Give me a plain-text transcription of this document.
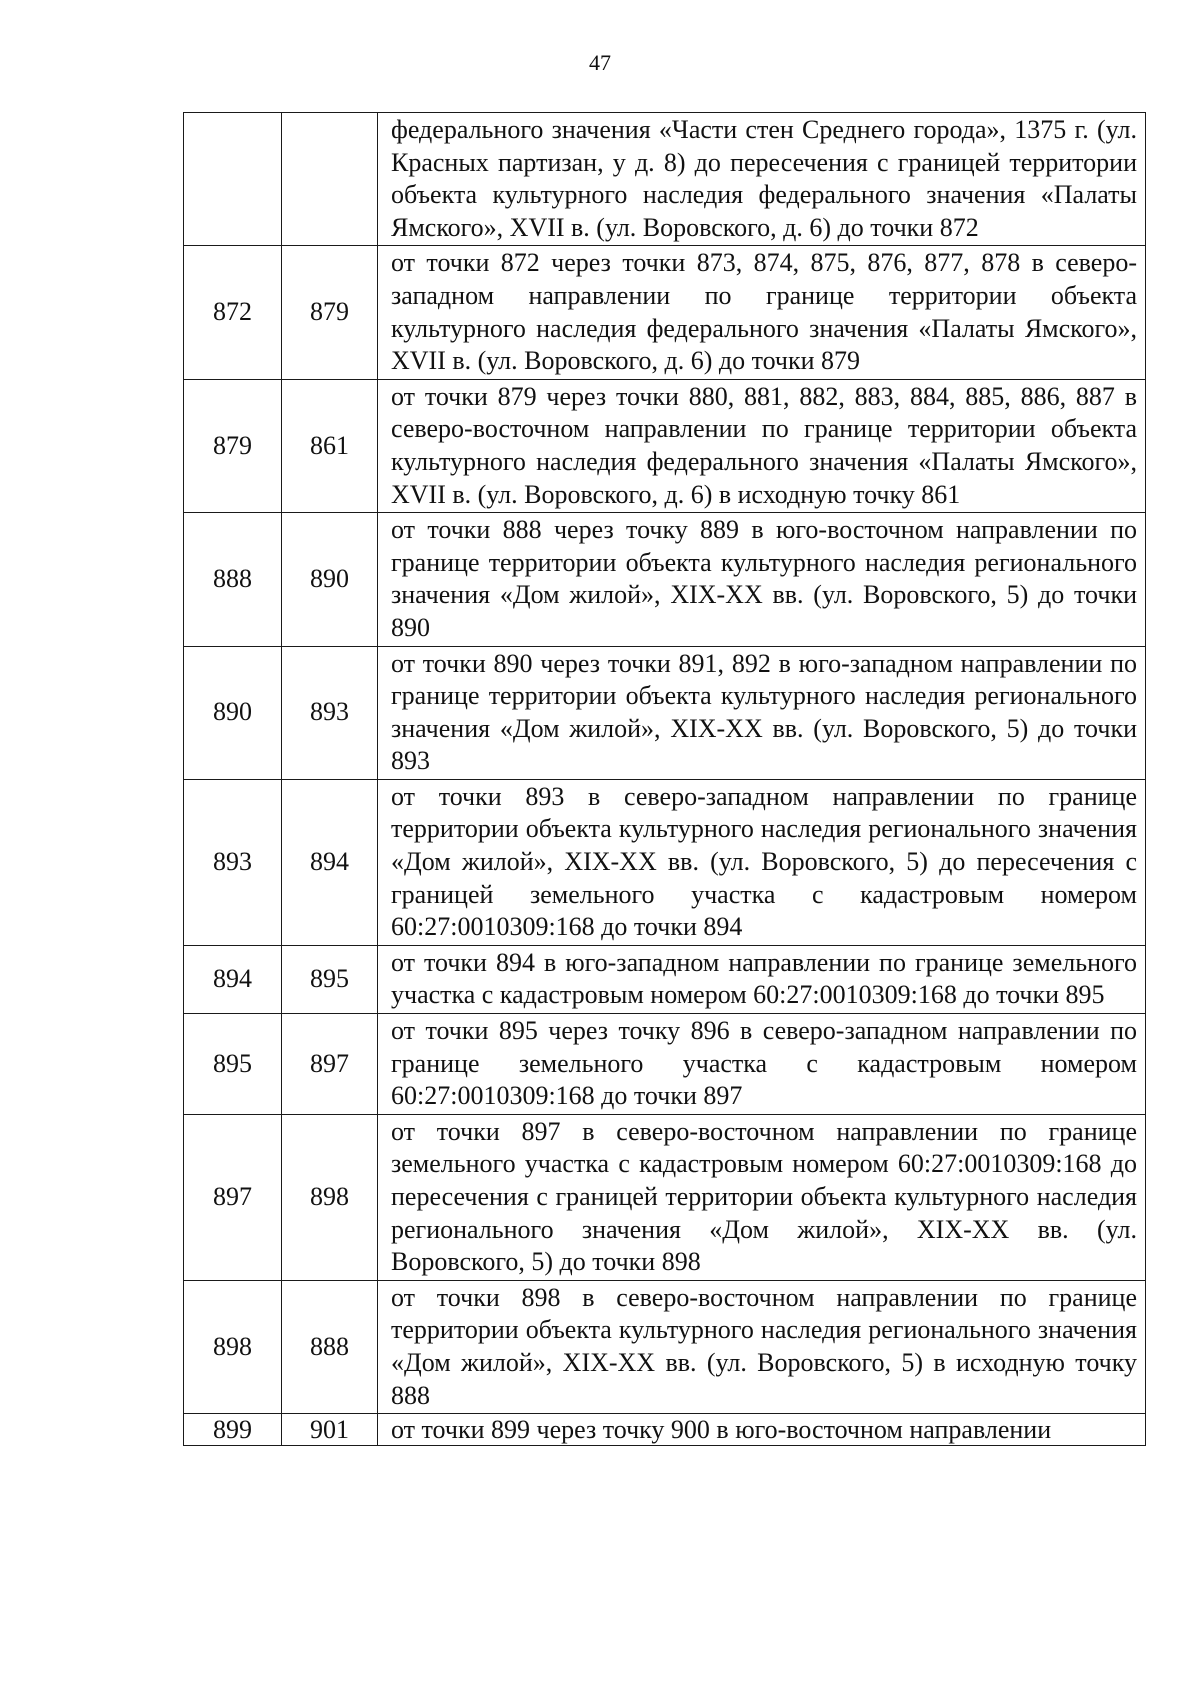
47
		федерального значения «Части стен Среднего города», 1375 г. (ул. Красных партизан, у д. 8) до пересечения с границей территории объекта культурного наследия федерального значения «Палаты Ямского», XVII в. (ул. Воровского, д. 6) до точки 872
872	879	от точки 872 через точки 873, 874, 875, 876, 877, 878 в северо-западном направлении по границе территории объекта культурного наследия федерального значения «Палаты Ямского», XVII в. (ул. Воровского, д. 6) до точки 879
879	861	от точки 879 через точки 880, 881, 882, 883, 884, 885, 886, 887 в северо-восточном направлении по границе территории объекта культурного наследия федерального значения «Палаты Ямского», XVII в. (ул. Воровского, д. 6) в исходную точку 861
888	890	от точки 888 через точку 889 в юго-восточном направлении по границе территории объекта культурного наследия регионального значения «Дом жилой», XIX-XX вв. (ул. Воровского, 5) до точки 890
890	893	от точки 890 через точки 891, 892 в юго-западном направлении по границе территории объекта культурного наследия регионального значения «Дом жилой», XIX-XX вв. (ул. Воровского, 5) до точки 893
893	894	от точки 893 в северо-западном направлении по границе территории объекта культурного наследия регионального значения «Дом жилой», XIX-XX вв. (ул. Воровского, 5) до пересечения с границей земельного участка с кадастровым номером 60:27:0010309:168 до точки 894
894	895	от точки 894 в юго-западном направлении по границе земельного участка с кадастровым номером 60:27:0010309:168 до точки 895
895	897	от точки 895 через точку 896 в северо-западном направлении по границе земельного участка с кадастровым номером 60:27:0010309:168 до точки 897
897	898	от точки 897 в северо-восточном направлении по границе земельного участка с кадастровым номером 60:27:0010309:168 до пересечения с границей территории объекта культурного наследия регионального значения «Дом жилой», XIX-XX вв. (ул. Воровского, 5) до точки 898
898	888	от точки 898 в северо-восточном направлении по границе территории объекта культурного наследия регионального значения «Дом жилой», XIX-XX вв. (ул. Воровского, 5) в исходную точку 888
899	901	от точки 899 через точку 900 в юго-восточном направлении
